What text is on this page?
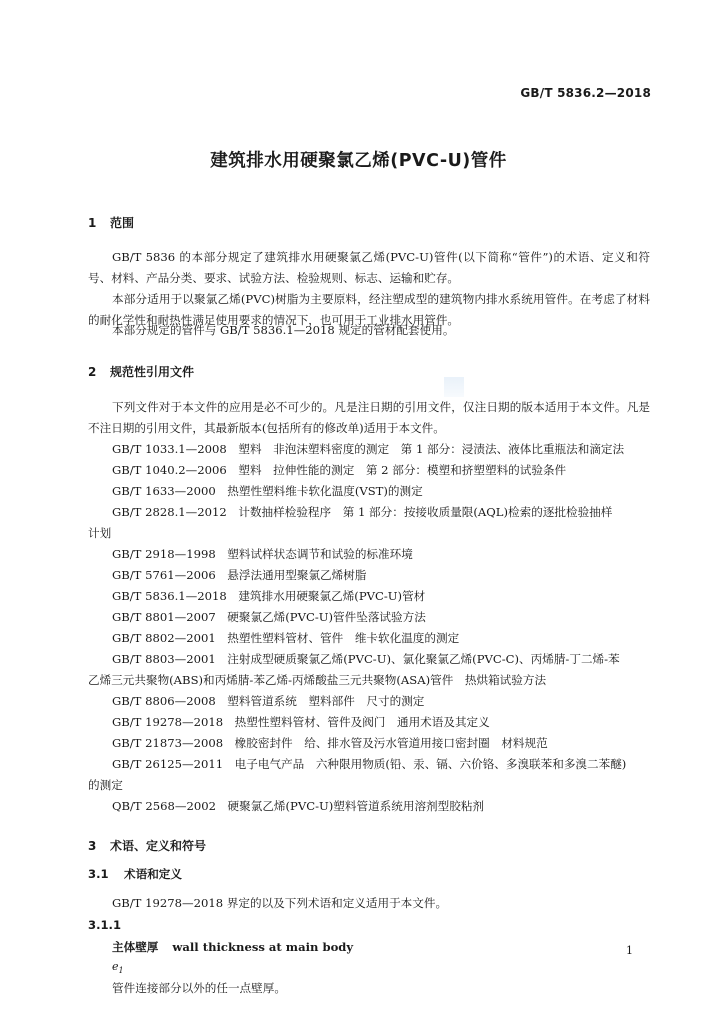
GB/T 5836.2—2018
建筑排水用硬聚氯乙烯(PVC-U)管件
1 范围
GB/T 5836 的本部分规定了建筑排水用硬聚氯乙烯(PVC-U)管件(以下简称“管件”)的术语、定义和符号、材料、产品分类、要求、试验方法、检验规则、标志、运输和贮存。
本部分适用于以聚氯乙烯(PVC)树脂为主要原料，经注塑成型的建筑物内排水系统用管件。在考虑了材料的耐化学性和耐热性满足使用要求的情况下，也可用于工业排水用管件。
本部分规定的管件与 GB/T 5836.1—2018 规定的管材配套使用。
2 规范性引用文件
下列文件对于本文件的应用是必不可少的。凡是注日期的引用文件，仅注日期的版本适用于本文件。凡是不注日期的引用文件，其最新版本(包括所有的修改单)适用于本文件。
GB/T 1033.1—2008　塑料　非泡沫塑料密度的测定　第 1 部分：浸渍法、液体比重瓶法和滴定法
GB/T 1040.2—2006　塑料　拉伸性能的测定　第 2 部分：模塑和挤塑塑料的试验条件
GB/T 1633—2000　热塑性塑料维卡软化温度(VST)的测定
GB/T 2828.1—2012　计数抽样检验程序　第 1 部分：按接收质量限(AQL)检索的逐批检验抽样
计划
GB/T 2918—1998　塑料试样状态调节和试验的标准环境
GB/T 5761—2006　悬浮法通用型聚氯乙烯树脂
GB/T 5836.1—2018　建筑排水用硬聚氯乙烯(PVC-U)管材
GB/T 8801—2007　硬聚氯乙烯(PVC-U)管件坠落试验方法
GB/T 8802—2001　热塑性塑料管材、管件　维卡软化温度的测定
GB/T 8803—2001　注射成型硬质聚氯乙烯(PVC-U)、氯化聚氯乙烯(PVC-C)、丙烯腈-丁二烯-苯
乙烯三元共聚物(ABS)和丙烯腈-苯乙烯-丙烯酸盐三元共聚物(ASA)管件　热烘箱试验方法
GB/T 8806—2008　塑料管道系统　塑料部件　尺寸的测定
GB/T 19278—2018　热塑性塑料管材、管件及阀门　通用术语及其定义
GB/T 21873—2008　橡胶密封件　给、排水管及污水管道用接口密封圈　材料规范
GB/T 26125—2011　电子电气产品　六种限用物质(铅、汞、镉、六价铬、多溴联苯和多溴二苯醚)
的测定
QB/T 2568—2002　硬聚氯乙烯(PVC-U)塑料管道系统用溶剂型胶粘剂
3 术语、定义和符号
3.1 术语和定义
GB/T 19278—2018 界定的以及下列术语和定义适用于本文件。
3.1.1
主体壁厚 wall thickness at main body
$e_1$
管件连接部分以外的任一点壁厚。
1
